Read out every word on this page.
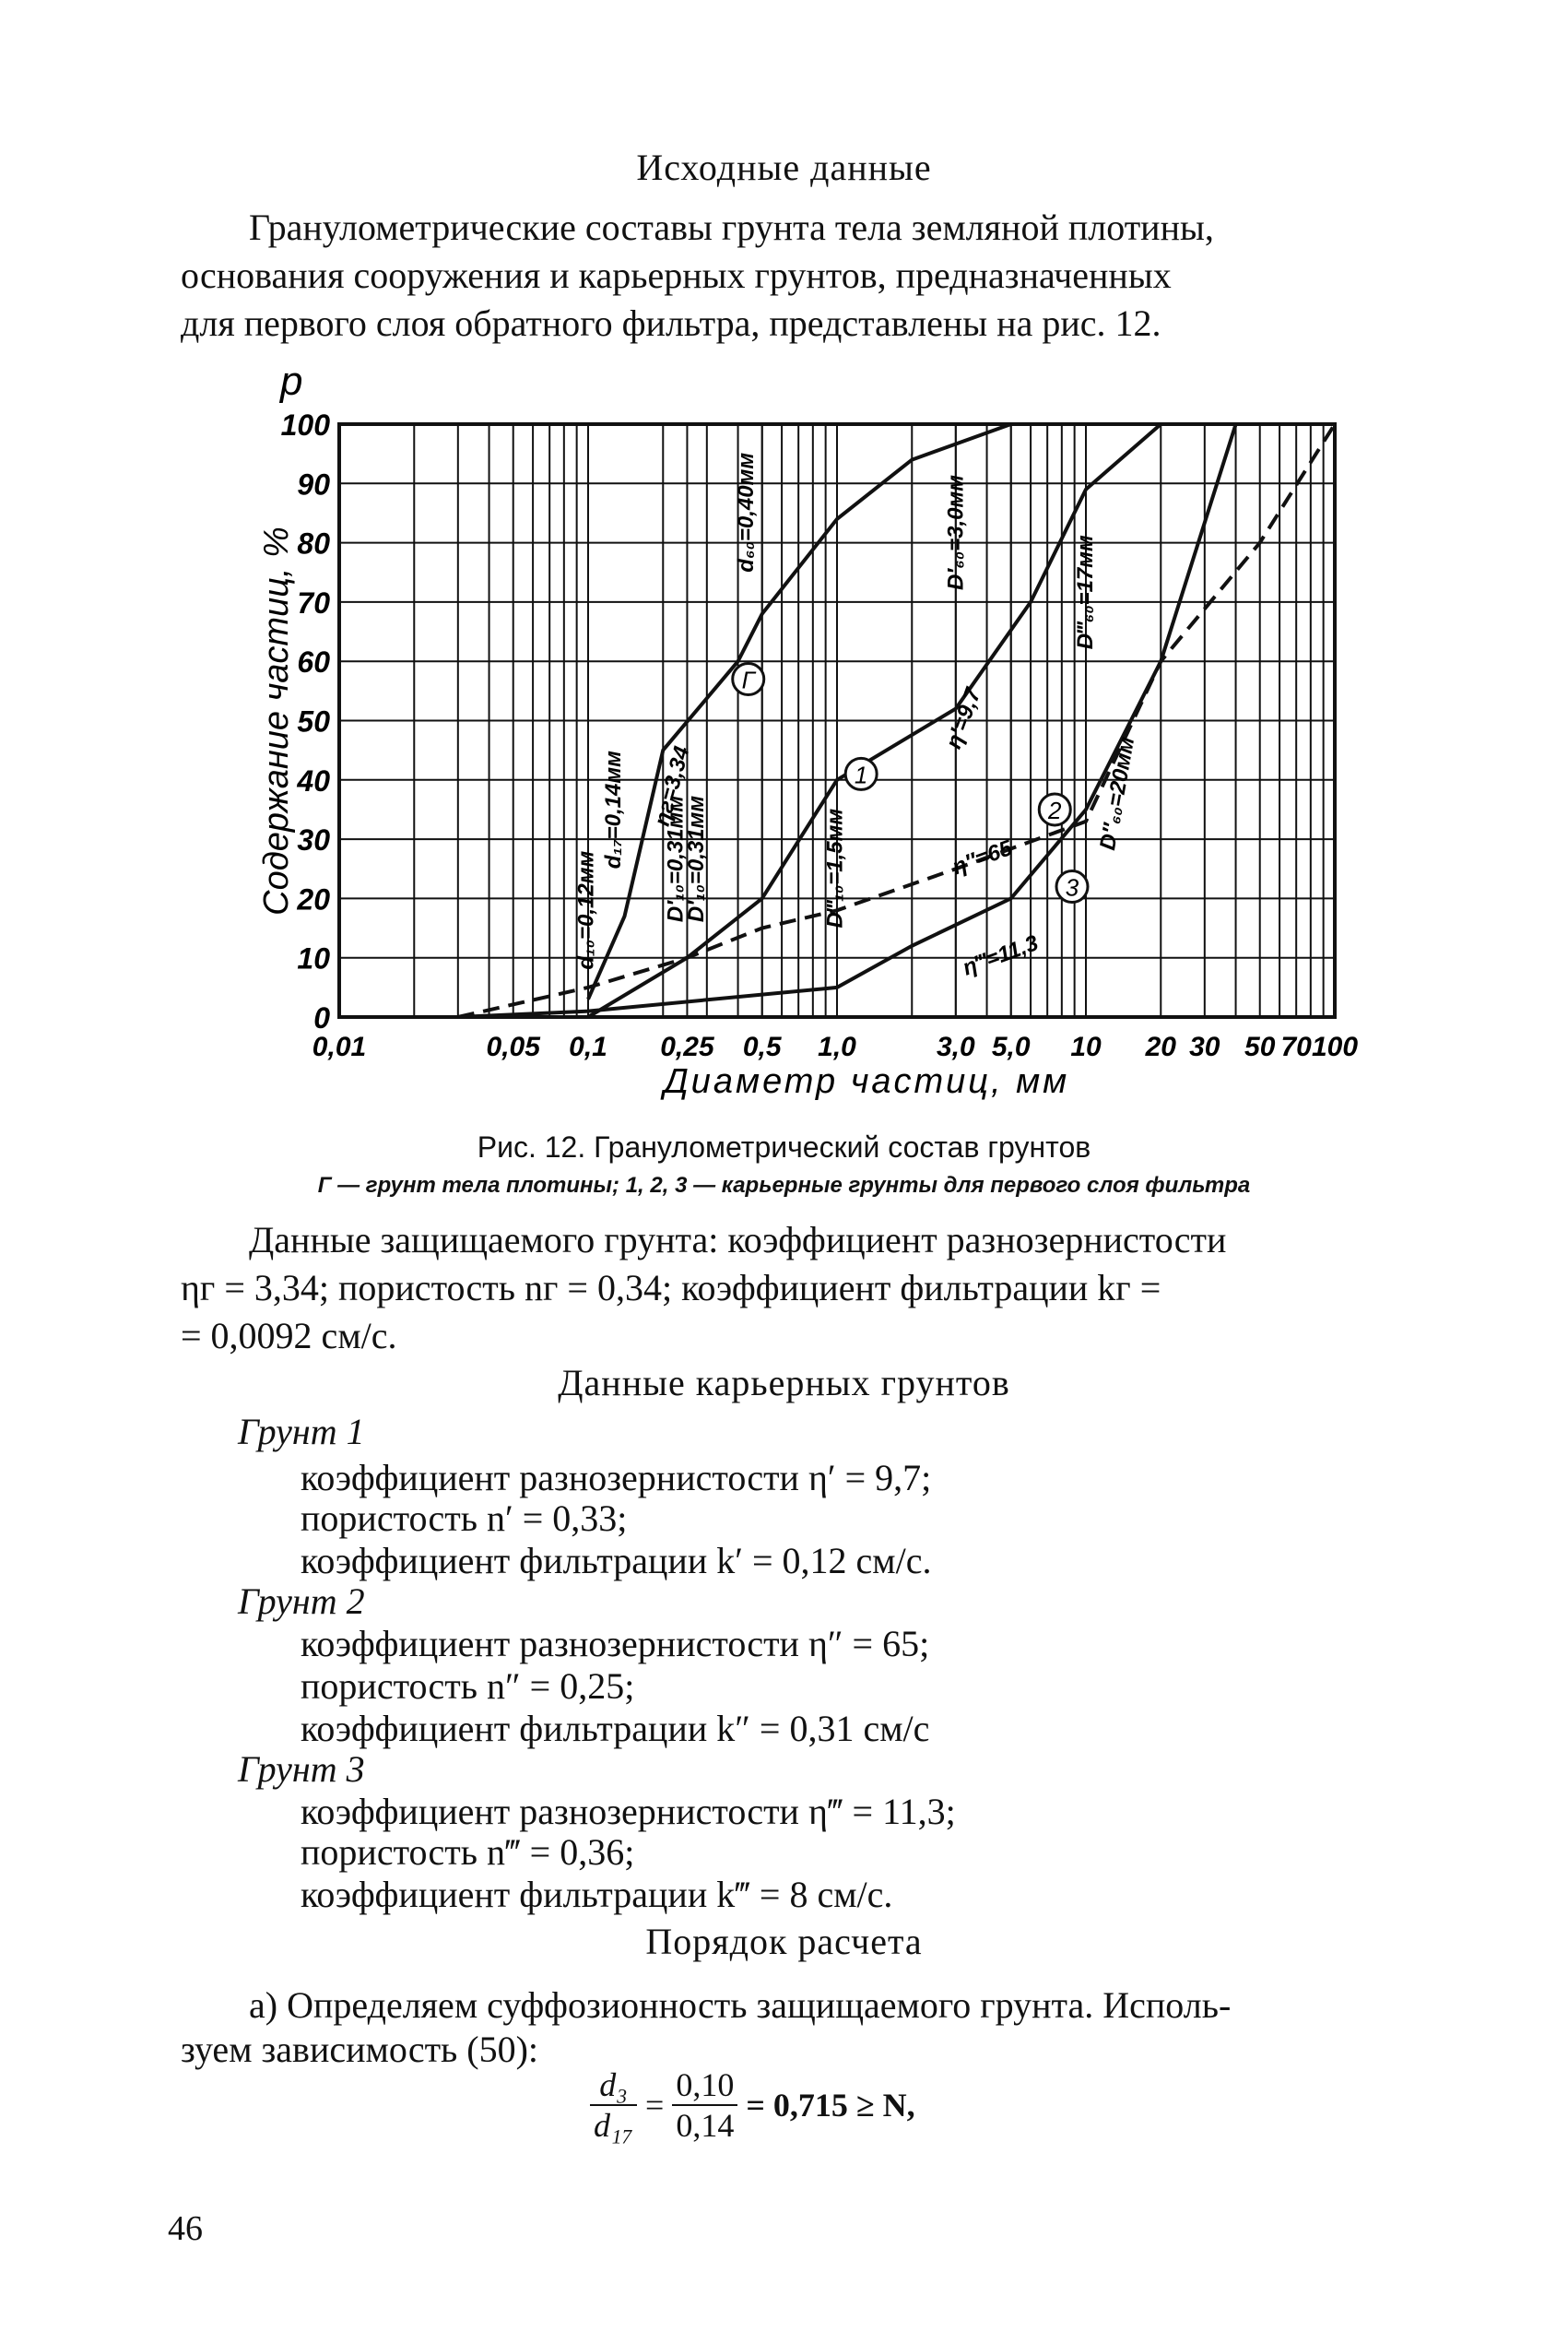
Исходные данные
Гранулометрические составы грунта тела земляной плотины,
основания сооружения и карьерных грунтов, предназначенных
для первого слоя обратного фильтра, представлены на рис. 12.
0
10
20
30
40
50
60
70
80
90
100
0,01	0,05 0,1 0,25 0,5 1,0	3,0 5,0 10 20 30 50 70 100
d₁₀=0,12мм
d₁₇=0,14мм ηг=3,34
d₆₀=0,40мм
Г
D′₁₀=0,31мм
D′₁₀=0,31мм
η′=9,7
D′₆₀=3,0мм
1
D‴₁₀=1,5мм	η″=65
2
η‴=11,3
3
D‴₆₀=17мм
D″₆₀=20мм
p
Содержание частиц, %
Диаметр частиц, мм
Рис. 12. Гранулометрический состав грунтов
Г — грунт тела плотины; 1, 2, 3 — карьерные грунты для первого слоя фильтра
Данные защищаемого грунта: коэффициент разнозернистости
ηг = 3,34; пористость nг = 0,34; коэффициент фильтрации kг =
= 0,0092 см/с.
Данные карьерных грунтов
Грунт 1
коэффициент разнозернистости η′ = 9,7;
пористость n′ = 0,33;
коэффициент фильтрации k′ = 0,12 см/с.
Грунт 2
коэффициент разнозернистости η″ = 65;
пористость n″ = 0,25;
коэффициент фильтрации k″ = 0,31 см/с
Грунт 3
коэффициент разнозернистости η‴ = 11,3;
пористость n‴ = 0,36;
коэффициент фильтрации k‴ = 8 см/с.
Порядок расчета
а) Определяем суффозионность защищаемого грунта. Исполь-
зуем зависимость (50):
$\frac{\text{d₃}}{\text{d₁₇}} = \frac{0,10}{0,14} = 0,715 \ge N$,
46
